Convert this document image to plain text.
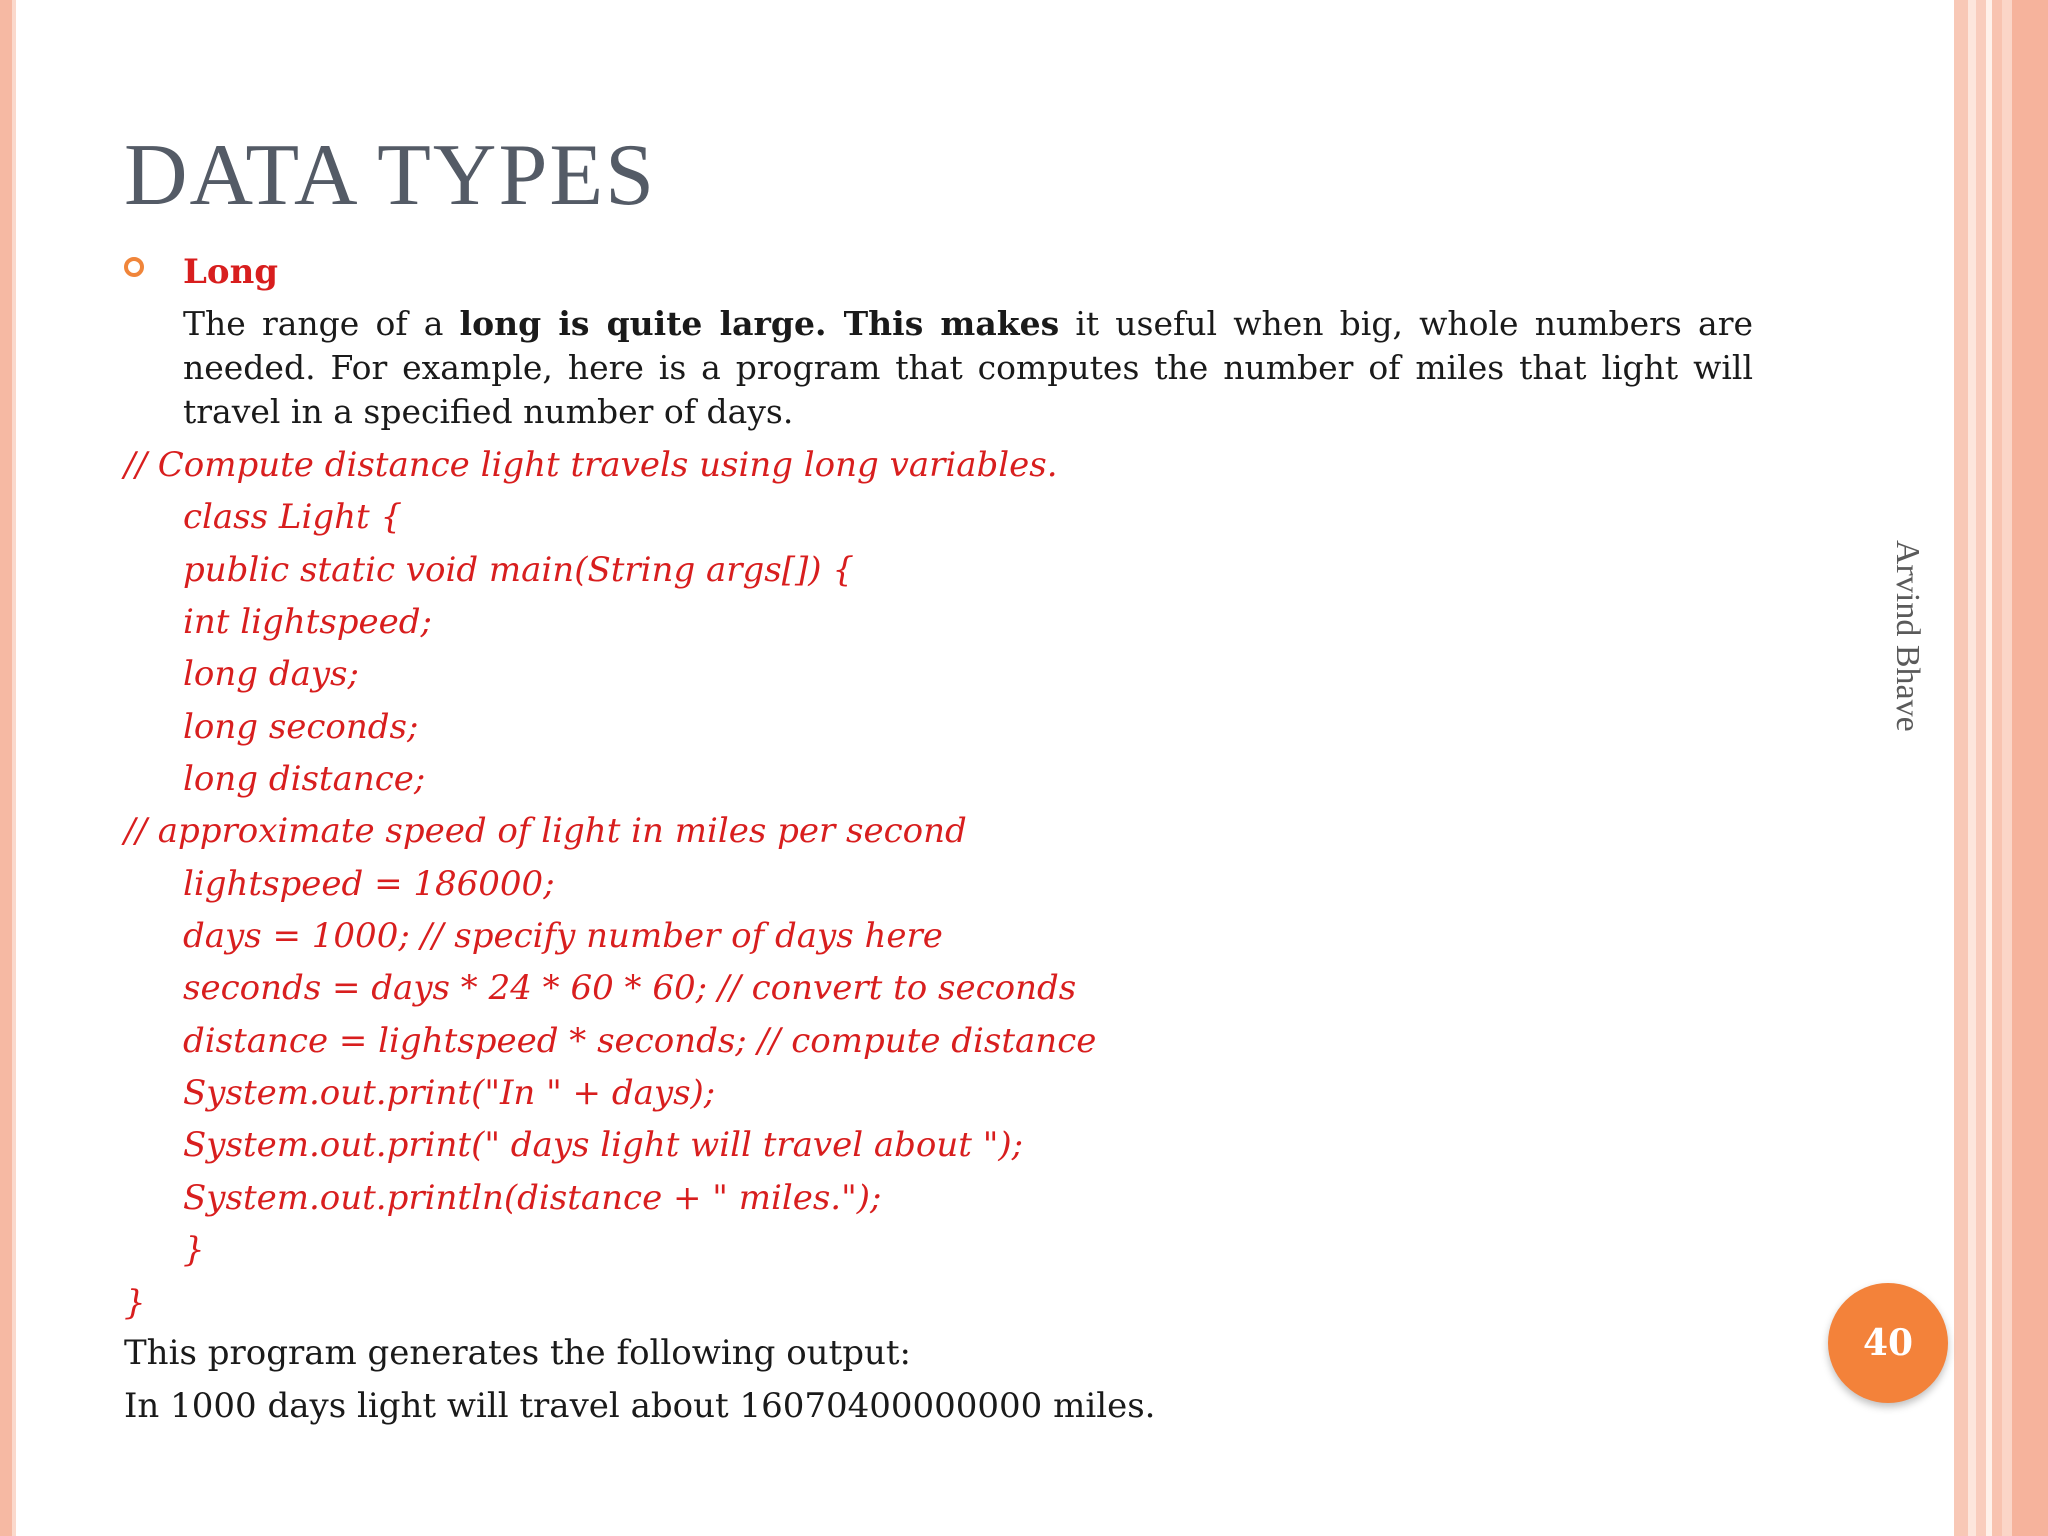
DATA TYPES
Long

The range of a long is quite large. This makes it useful when big, whole numbers are needed. For example, here is a program that computes the number of miles that light will travel in a specified number of days.

// Compute distance light travels using long variables.
class Light {
public static void main(String args[]) {
int lightspeed;
long days;
long seconds;
long distance;
// approximate speed of light in miles per second
lightspeed = 186000;
days = 1000; // specify number of days here
seconds = days * 24 * 60 * 60; // convert to seconds
distance = lightspeed * seconds; // compute distance
System.out.print("In " + days);
System.out.print(" days light will travel about ");
System.out.println(distance + " miles.");
}
}
This program generates the following output:
In 1000 days light will travel about 16070400000000 miles.
Arvind Bhave
40
